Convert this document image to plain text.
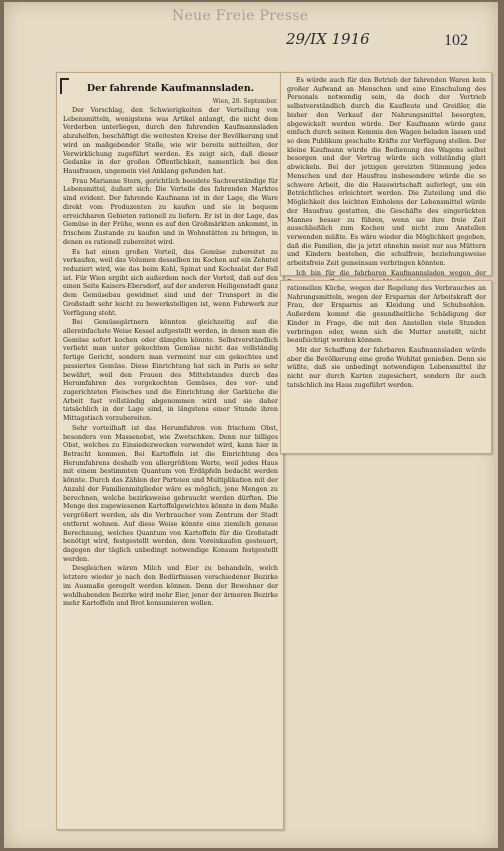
Neue Freie Presse
29/IX 1916	102
Der fahrende Kaufmannsladen.
Wien, 28. September.

Der Vorschlag, den Schwierigkeiten der Verteilung von Lebensmitteln, wenigstens was Artikel anlangt, die nicht dem Verderben unterliegen, durch den fahrenden Kaufmannsladen abzuhelfen, beschäftigt die weitesten Kreise der Bevölkerung und wird an maßgebender Stelle, wie wir bereits mitteilten, der Verwirklichung zugeführt werden. Es zeigt sich, daß dieser Gedanke in der großen Öffentlichkeit, namentlich bei den Hausfrauen, ungemein viel Anklang gefunden hat.

Frau Marianne Stern, gerichtlich beeidete Sachverständige für Lebensmittel, äußert sich: Die Vorteile des fahrenden Marktes sind evident. Der fahrende Kaufmann ist in der Lage, die Ware direkt vom Produzenten zu kaufen und sie in bequem erreichbaren Gebieten rationell zu liefern. Er ist in der Lage, das Gemüse in der Frühe, wenn es auf den Großmärkten ankommt, in frischem Zustande zu kaufen und in Wohnstätten zu bringen, in denen es rationell zubereitet wird.

Es hat einen großen Vorteil, das Gemüse zubereitet zu verkaufen, weil das Volumen desselben im Kochen auf ein Zehntel reduziert wird, wie das beim Kohl, Spinat und Kochsalat der Fall ist. Für Wien ergibt sich außerdem noch der Vorteil, daß auf den einen Seite Kaisers-Ebersdorf, auf der anderen Heiligenstadt ganz dem Gemüsebau gewidmet sind und der Transport in die Großstadt sehr leicht zu bewerkstelligen ist, wenn Fuhrwerk zur Verfügung steht.

Bei Gemüsegärtnern könnten gleichzeitig auf die allereinfachste Weise Kessel aufgestellt werden, in denen man die Gemüse sofort kochen oder dämpfen könnte. Selbstverständlich verlieht man unter gekochtem Gemüse nicht das vollständig fertige Gericht, sondern man vermeint nur ein gekochtes und passiertes Gemüse. Diese Einrichtung hat sich in Paris so sehr bewährt, weil den Frauen des Mittelstandes durch das Herumfahren des vorgekochten Gemüses, des vor- und zugerichteten Fleisches und die Einrichtung der Garküche die Arbeit fast vollständig abgenommen wird und sie daher tatsächlich in der Lage sind, in längstens einer Stunde ihren Mittagstisch vorzubereiten.

Sehr vorteilhaft ist das Herumfahren von frischem Obst, besonders von Massenobst, wie Zwetschken. Denn nur billiges Obst, welches zu Einsiedezwecken verwendet wird, kann hier in Betracht kommen. Bei Kartoffeln ist die Einrichtung des Herumfahrens deshalb von allergrößtem Werte, weil jedes Haus mit einem bestimmten Quantum von Erdäpfeln bedacht werden könnte. Durch das Zählen der Parteien und Multiplikation mit der Anzahl der Familienmitglieder wäre es möglich, jene Mengen zu berechnen, welche bezirksweise gebraucht werden dürften. Die Menge des zugewiesenen Kartoffelgewichtes könnte in dem Maße vergrößert werden, als die Verbraucher vom Zentrum der Stadt entfernt wohnen. Auf diese Weise könnte eine ziemlich genaue Berechnung, welches Quantum von Kartoffeln für die Großstadt benötigt wird, festgestellt werden, dem Voreinkaufen gesteuert, dagegen der täglich unbedingt notwendige Konsum festgestellt werden.

Desgleichen wären Milch und Eier zu behandeln, welch letztere wieder je nach den Bedürfnissen verschiedener Bezirke im Ausmaße geregelt werden können. Denn der Bewohner der wohlhabenden Bezirke wird mehr Eier, jener der ärmeren Bezirke mehr Kartoffeln und Brot konsumieren wollen.

Es würde auch für den Betrieb der fahrenden Waren kein großer Aufwand an Menschen und eine Einschulung des Personals notwendig sein, da doch der Vertrieb selbstverständlich durch die Kaufleute und Greißler, die bisher den Verkauf der Nahrungsmittel besorgten, abgewickelt werden würde. Der Kaufmann würde ganz einfach durch seinen Kommis den Wagen beladen lassen und so dem Publikum geschulte Kräfte zur Verfügung stellen. Der kleine Kaufmann würde die Bedienung des Wagens selbst besorgen und der Vertrag würde sich vollständig glatt abwickeln. Bei der jetzigen gereizten Stimmung jedes Menschen und der Hausfrau insbesondere würde die so schwere Arbeit, die die Hauswirtschaft auferlegt, um ein Beträchtliches erleichtert werden. Die Zuteilung und die Möglichkeit des leichten Einholens der Lebensmittel würde der Hausfrau gestatten, die Geschäfte des eingerückten Mannes besser zu führen, wenn sie ihre freie Zeit ausschließlich zum Kochen und nicht zum Anstellen verwenden müßte. Es wäre wieder die Möglichkeit gegeben, daß die Familien, die ja jetzt ohnehin meist nur aus Müttern und Kindern bestehen, die schulfreie, beziehungsweise arbeitsfreie Zeit gemeinsam verbringen könnten.

Ich bin für die fahrbaren Kaufmannsladen wegen der

rationellen Küche, wegen der Regelung des Verbrauches an Nahrungsmitteln, wegen der Ersparnis der Arbeitskraft der Frau, der Ersparnis an Kleidung und Schuhsohlen. Außerdem kommt die gesundheitliche Schädigung der Kinder in Frage, die mit den Anstellen viele Stunden verbringen oder, wenn sich die Mutter anstellt, nicht beaufsichtigt werden können.

Mit der Schaffung der fahrbaren Kaufmannsladen würde aber die Bevölkerung eine große Wohltat genießen. Denn sie wüßte, daß sie unbedingt notwendigen Lebensmittel ihr nicht nur durch Karten zugesichert, sondern ihr auch tatsächlich ins Haus zugeführt werden.
